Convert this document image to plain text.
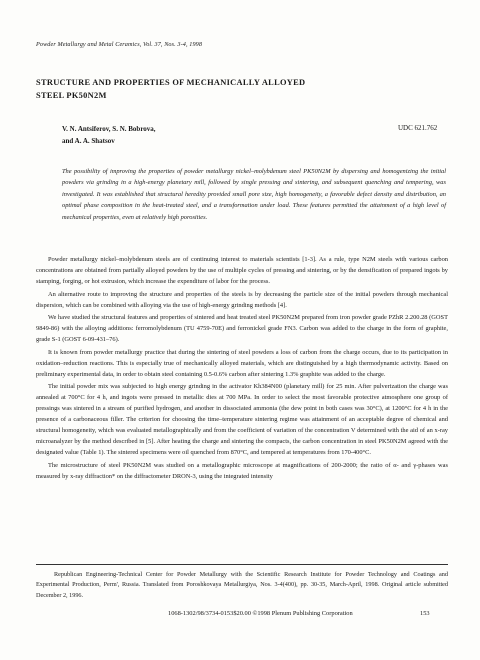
Powder Metallurgy and Metal Ceramics, Vol. 37, Nos. 3-4, 1998
STRUCTURE AND PROPERTIES OF MECHANICALLY ALLOYED
STEEL PK50N2M
V. N. Antsiferov, S. N. Bobrova,
and A. A. Shatsov
UDC 621.762
The possibility of improving the properties of powder metallurgy nickel–molybdenum steel PK50N2M by dispersing and homogenizing the initial powders via grinding in a high-energy planetary mill, followed by single pressing and sintering, and subsequent quenching and tempering, was investigated. It was established that structural heredity provided small pore size, high homogeneity, a favorable defect density and distribution, an optimal phase composition in the heat-treated steel, and a transformation under load. These features permitted the attainment of a high level of mechanical properties, even at relatively high porosities.

Powder metallurgy nickel–molybdenum steels are of continuing interest to materials scientists [1-3]. As a rule, type N2M steels with various carbon concentrations are obtained from partially alloyed powders by the use of multiple cycles of pressing and sintering, or by the densification of prepared ingots by stamping, forging, or hot extrusion, which increase the expenditure of labor for the process.

An alternative route to improving the structure and properties of the steels is by decreasing the particle size of the initial powders through mechanical dispersion, which can be combined with alloying via the use of high-energy grinding methods [4].

We have studied the structural features and properties of sintered and heat treated steel PK50N2M prepared from iron powder grade PZhR 2.200.28 (GOST 9849-86) with the alloying additions: ferromolybdenum (TU 4759-70E) and ferronickel grade FN3. Carbon was added to the charge in the form of graphite, grade S-1 (GOST 6-09-431–76).

It is known from powder metallurgy practice that during the sintering of steel powders a loss of carbon from the charge occurs, due to its participation in oxidation–reduction reactions. This is especially true of mechanically alloyed materials, which are distinguished by a high thermodynamic activity. Based on preliminary experimental data, in order to obtain steel containing 0.5-0.6% carbon after sintering 1.3% graphite was added to the charge.

The initial powder mix was subjected to high energy grinding in the activator Kh384N00 (planetary mill) for 25 min. After pulverization the charge was annealed at 700°C for 4 h, and ingots were pressed in metallic dies at 700 MPa. In order to select the most favorable protective atmosphere one group of pressings was sintered in a stream of purified hydrogen, and another in dissociated ammonia (the dew point in both cases was 30°C), at 1200°C for 4 h in the presence of a carbonaceous filler. The criterion for choosing the time–temperature sintering regime was attainment of an acceptable degree of chemical and structural homogeneity, which was evaluated metallographically and from the coefficient of variation of the concentration V determined with the aid of an x-ray microanalyzer by the method described in [5]. After heating the charge and sintering the compacts, the carbon concentration in steel PK50N2M agreed with the designated value (Table 1). The sintered specimens were oil quenched from 870°C, and tempered at temperatures from 170-400°C.

The microstructure of steel PK50N2M was studied on a metallographic microscope at magnifications of 200-2000; the ratio of α- and γ-phases was measured by x-ray diffraction* on the diffractometer DRON-3, using the integrated intensity

Republican Engineering-Technical Center for Powder Metallurgy with the Scientific Research Institute for Powder Technology and Coatings and Experimental Production, Perm', Russia. Translated from Poroshkovaya Metallurgiya, Nos. 3-4(400), pp. 30-35, March-April, 1998. Original article submitted December 2, 1996.

1068-1302/98/3734-0153$20.00 ©1998 Plenum Publishing Corporation	153
